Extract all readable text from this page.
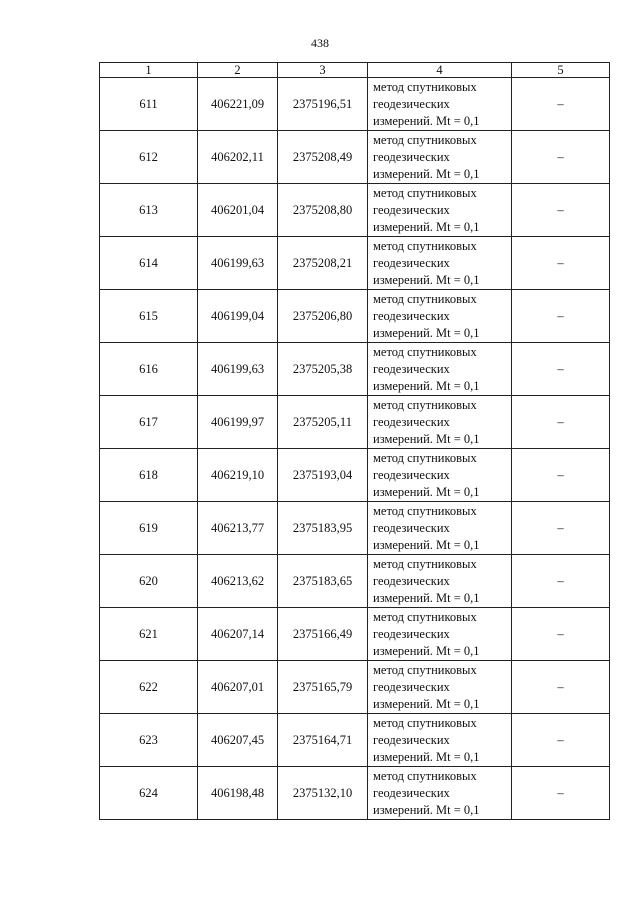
438
1	2	3	4	5
611	406221,09	2375196,51	метод спутниковых
геодезических
измерений. Mt = 0,1	–
612	406202,11	2375208,49	метод спутниковых
геодезических
измерений. Mt = 0,1	–
613	406201,04	2375208,80	метод спутниковых
геодезических
измерений. Mt = 0,1	–
614	406199,63	2375208,21	метод спутниковых
геодезических
измерений. Mt = 0,1	–
615	406199,04	2375206,80	метод спутниковых
геодезических
измерений. Mt = 0,1	–
616	406199,63	2375205,38	метод спутниковых
геодезических
измерений. Mt = 0,1	–
617	406199,97	2375205,11	метод спутниковых
геодезических
измерений. Mt = 0,1	–
618	406219,10	2375193,04	метод спутниковых
геодезических
измерений. Mt = 0,1	–
619	406213,77	2375183,95	метод спутниковых
геодезических
измерений. Mt = 0,1	–
620	406213,62	2375183,65	метод спутниковых
геодезических
измерений. Mt = 0,1	–
621	406207,14	2375166,49	метод спутниковых
геодезических
измерений. Mt = 0,1	–
622	406207,01	2375165,79	метод спутниковых
геодезических
измерений. Mt = 0,1	–
623	406207,45	2375164,71	метод спутниковых
геодезических
измерений. Mt = 0,1	–
624	406198,48	2375132,10	метод спутниковых
геодезических
измерений. Mt = 0,1	–
